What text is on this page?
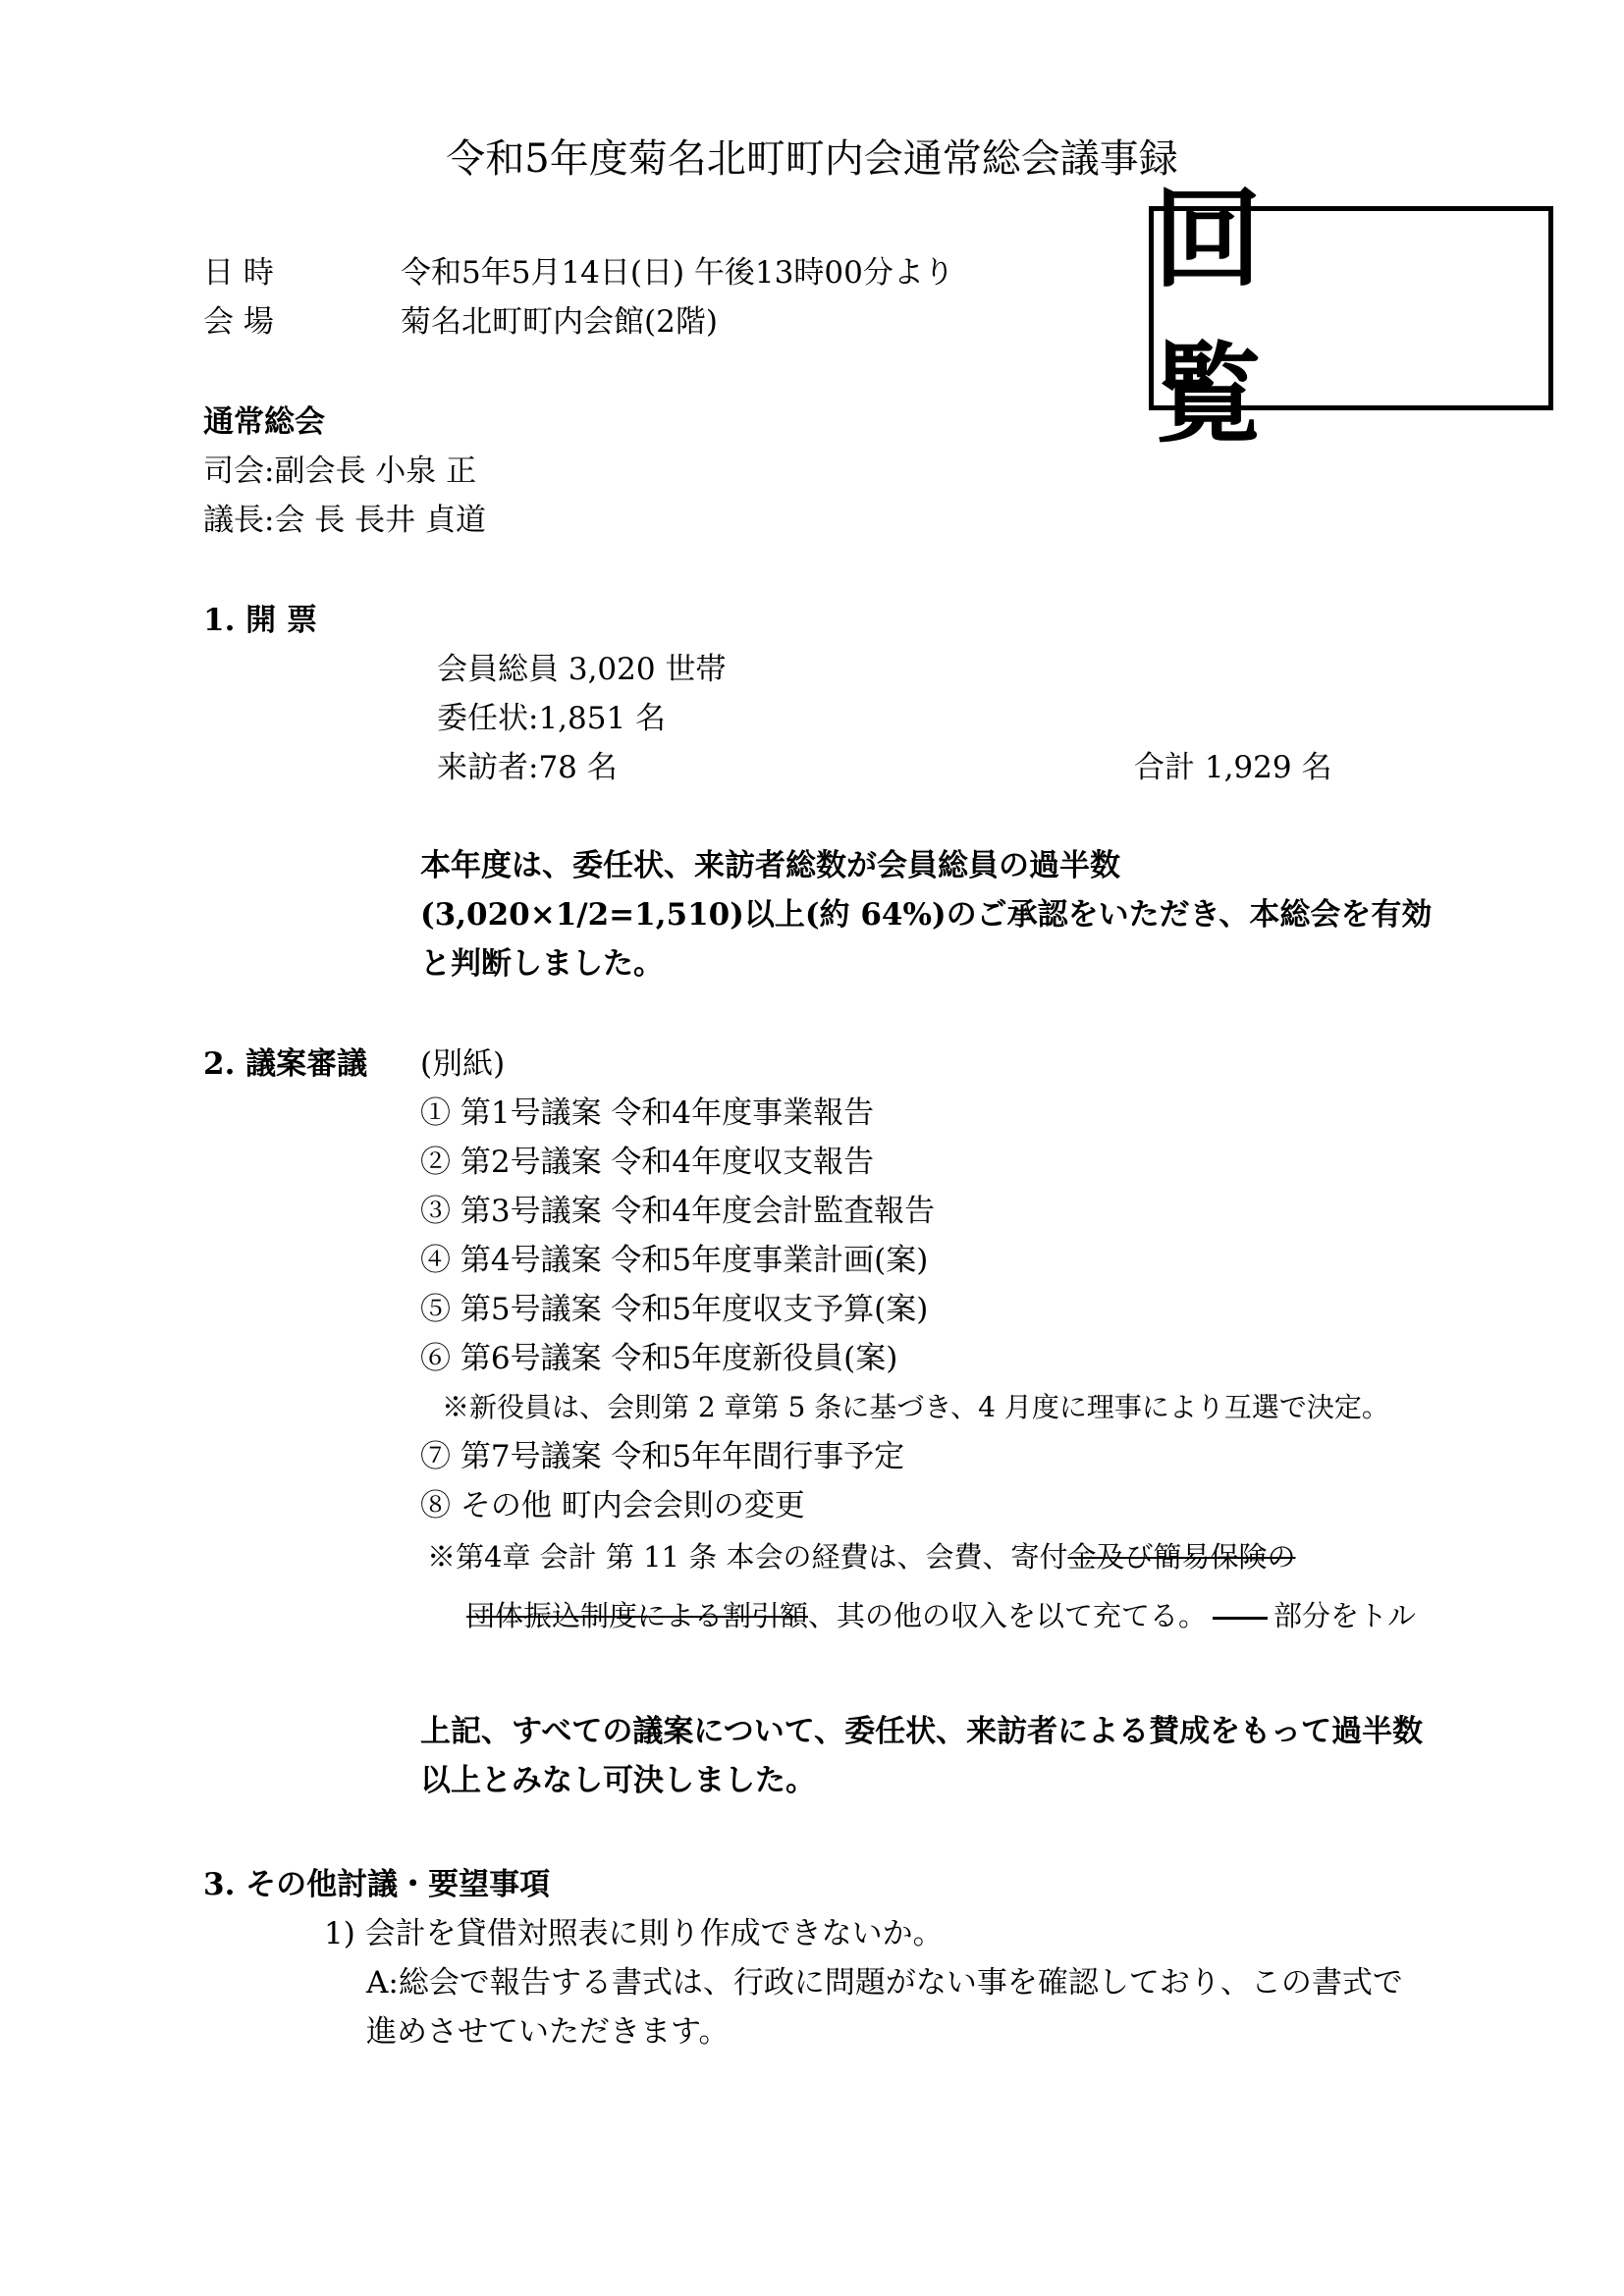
令和5年度菊名北町町内会通常総会議事録
回 覧
日 時	令和5年5月14日(日) 午後13時00分より
会 場	菊名北町町内会館(2階)
通常総会
司会:副会長 小泉 正
議長:会 長 長井 貞道
1. 開 票
会員総員 3,020 世帯
委任状:1,851 名
来訪者:78 名	合計 1,929 名
本年度は、委任状、来訪者総数が会員総員の過半数
(3,020×1/2=1,510)以上(約 64%)のご承認をいただき、本総会を有効
と判断しました。
2. 議案審議 (別紙)
① 第1号議案 令和4年度事業報告
② 第2号議案 令和4年度収支報告
③ 第3号議案 令和4年度会計監査報告
④ 第4号議案 令和5年度事業計画(案)
⑤ 第5号議案 令和5年度収支予算(案)
⑥ 第6号議案 令和5年度新役員(案)
※新役員は、会則第 2 章第 5 条に基づき、4 月度に理事により互選で決定。
⑦ 第7号議案 令和5年年間行事予定
⑧ その他 町内会会則の変更
※第4章 会計 第 11 条 本会の経費は、会費、寄付金及び簡易保険の
団体振込制度による割引額、其の他の収入を以て充てる。 部分をトル
上記、すべての議案について、委任状、来訪者による賛成をもって過半数
以上とみなし可決しました。
3. その他討議・要望事項
1) 会計を貸借対照表に則り作成できないか。
A:総会で報告する書式は、行政に問題がない事を確認しており、この書式で
進めさせていただきます。
